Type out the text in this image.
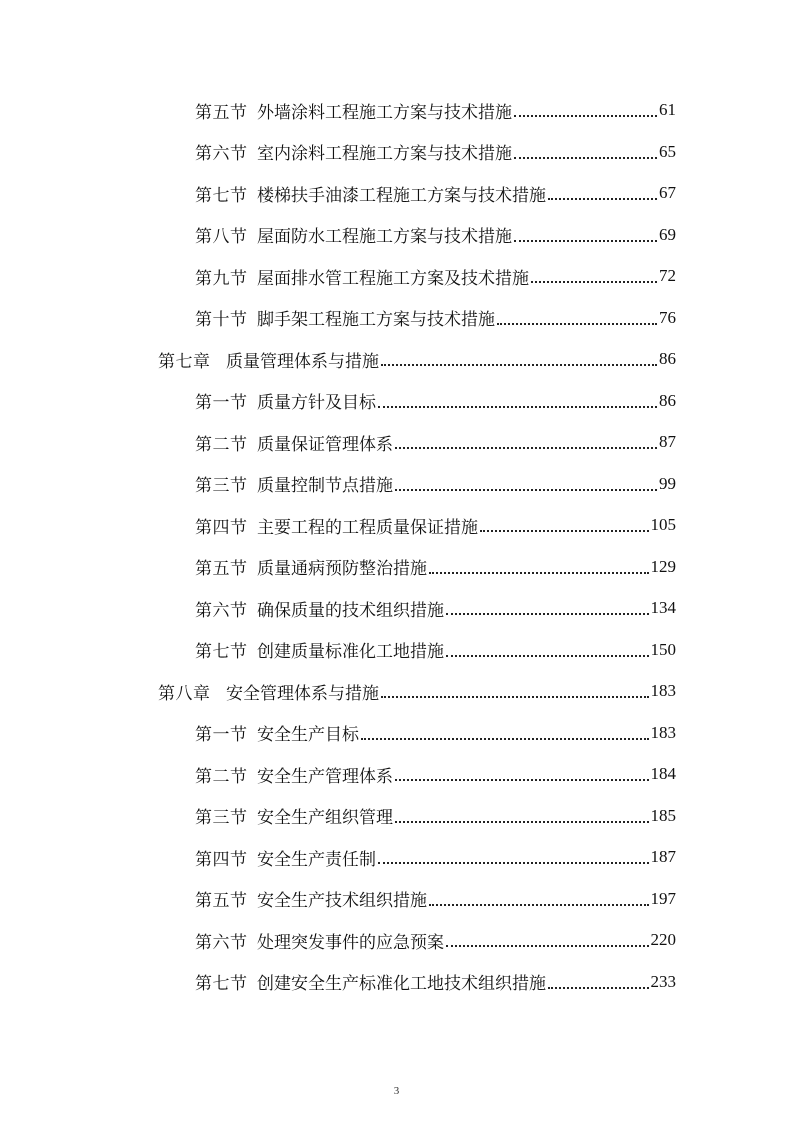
第五节 外墙涂料工程施工方案与技术措施	61
第六节 室内涂料工程施工方案与技术措施	65
第七节 楼梯扶手油漆工程施工方案与技术措施	67
第八节 屋面防水工程施工方案与技术措施	69
第九节 屋面排水管工程施工方案及技术措施	72
第十节 脚手架工程施工方案与技术措施	76
第七章 质量管理体系与措施	86
第一节 质量方针及目标	86
第二节 质量保证管理体系	87
第三节 质量控制节点措施	99
第四节 主要工程的工程质量保证措施	105
第五节 质量通病预防整治措施	129
第六节 确保质量的技术组织措施	134
第七节 创建质量标准化工地措施	150
第八章 安全管理体系与措施	183
第一节 安全生产目标	183
第二节 安全生产管理体系	184
第三节 安全生产组织管理	185
第四节 安全生产责任制	187
第五节 安全生产技术组织措施	197
第六节 处理突发事件的应急预案	220
第七节 创建安全生产标准化工地技术组织措施	233
3
